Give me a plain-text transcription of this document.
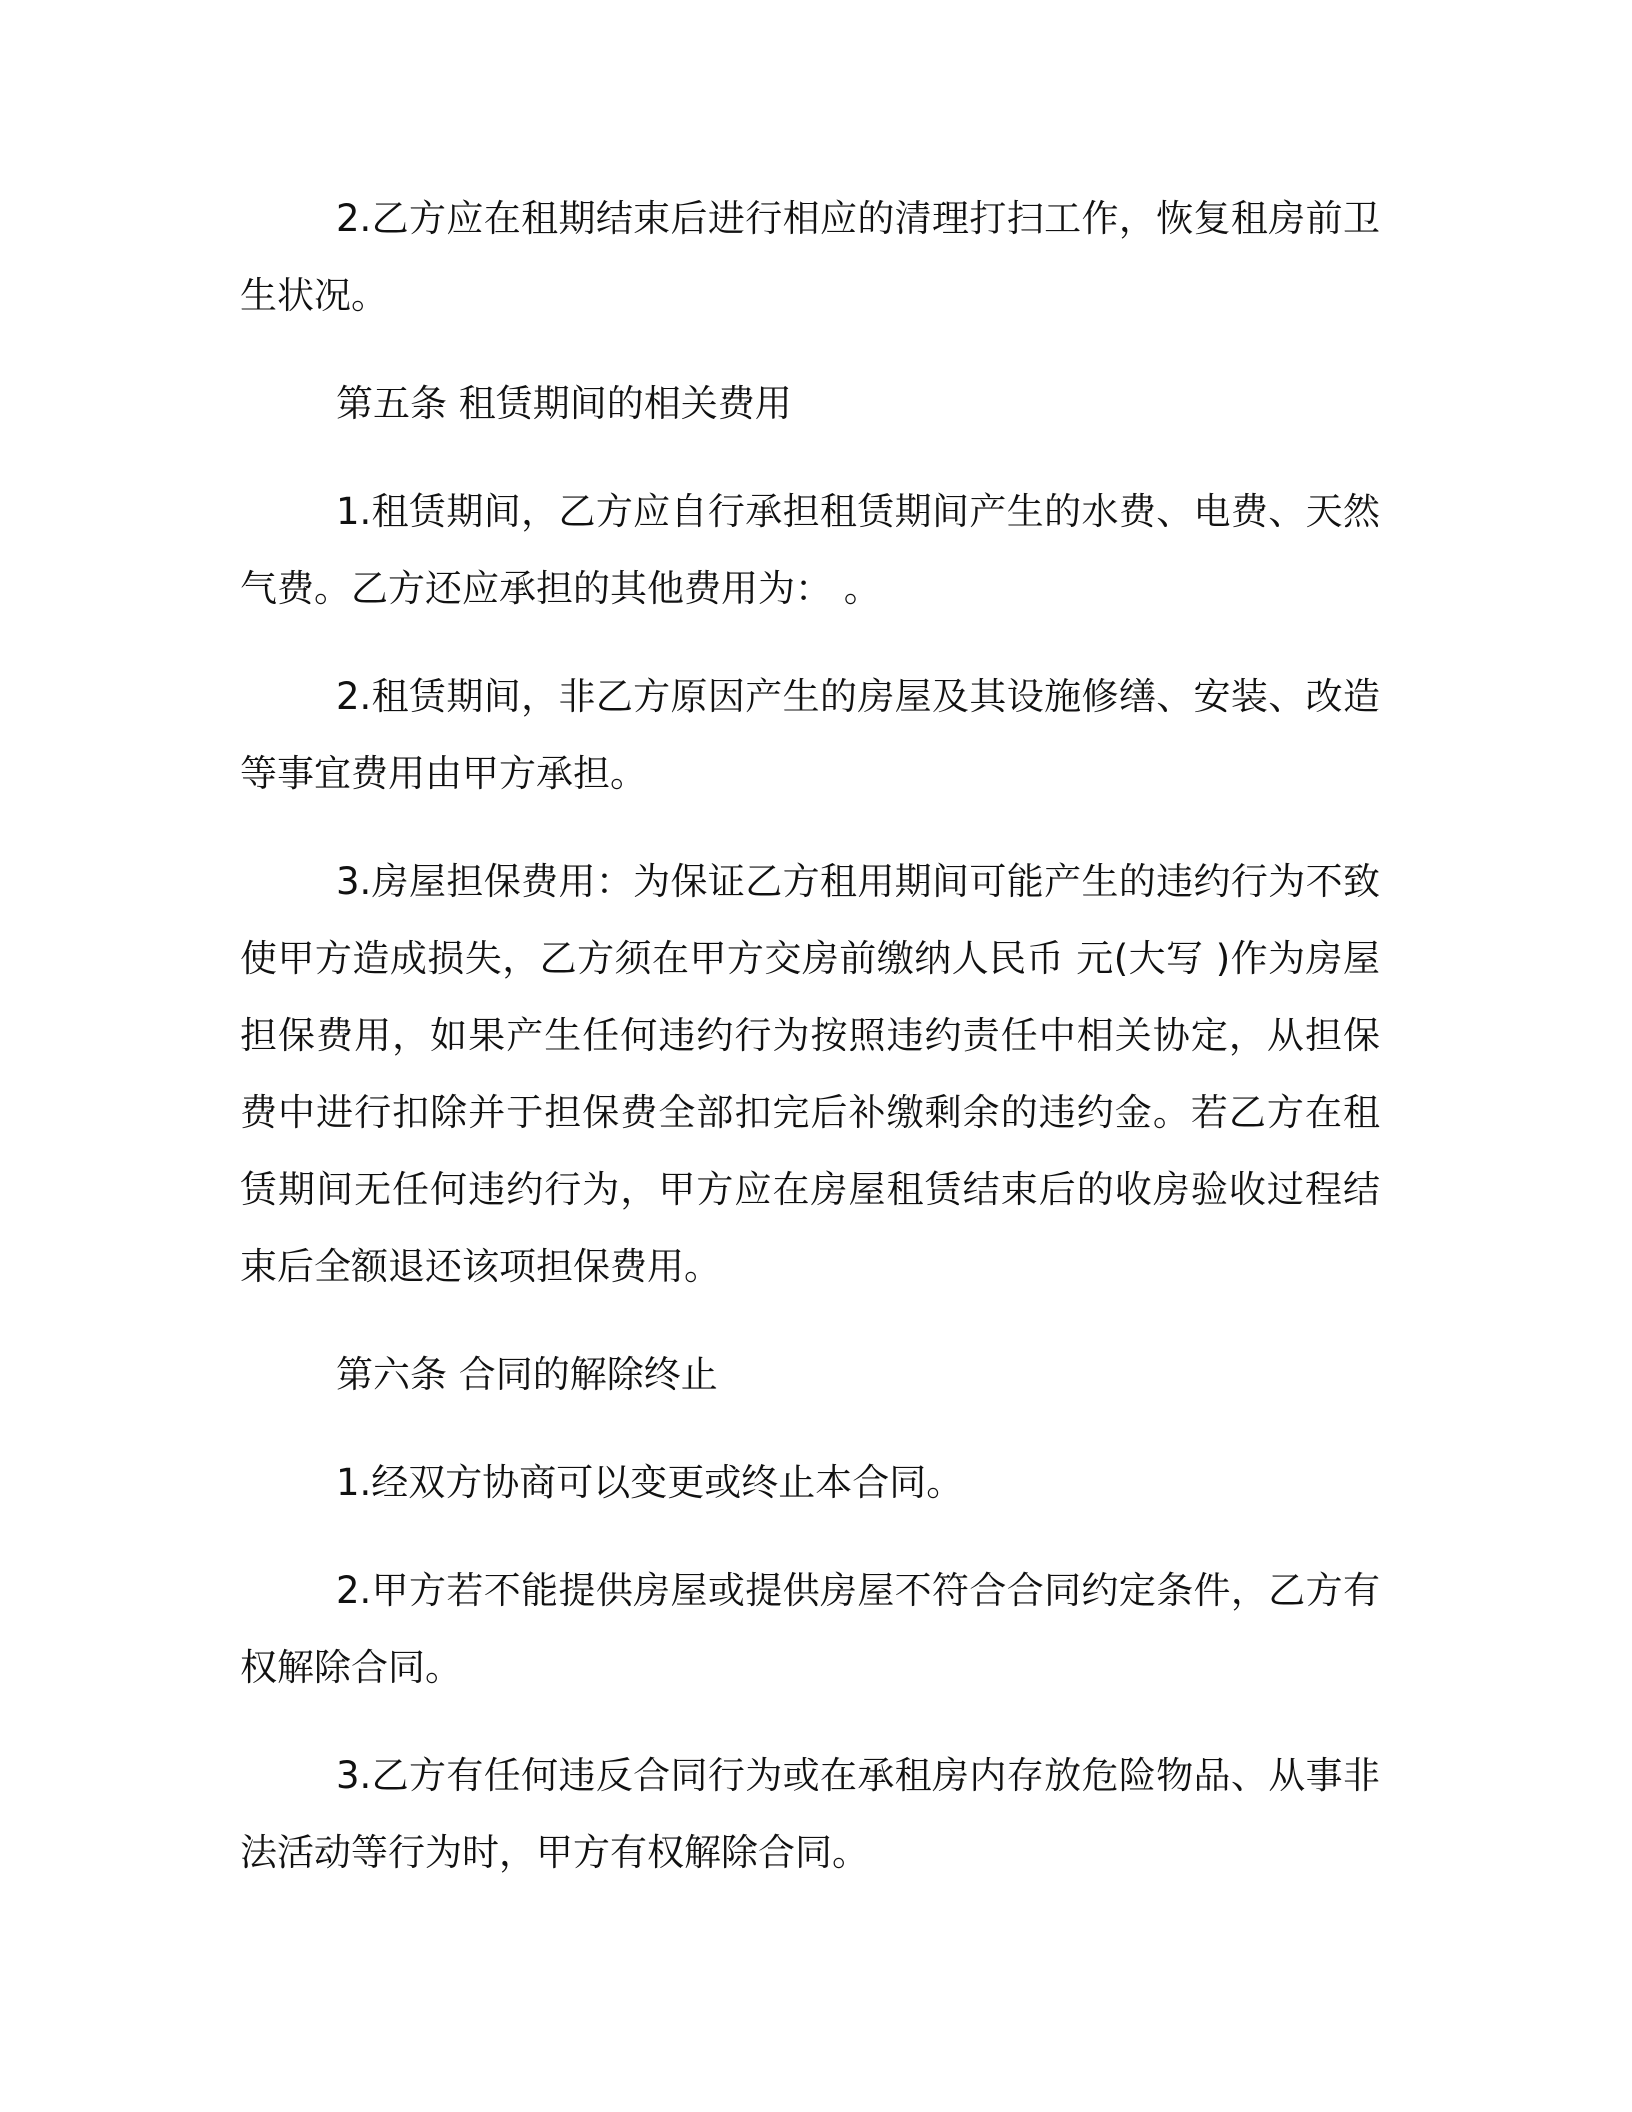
2.乙方应在租期结束后进行相应的清理打扫工作，恢复租房前卫生状况。

第五条 租赁期间的相关费用

1.租赁期间，乙方应自行承担租赁期间产生的水费、电费、天然气费。乙方还应承担的其他费用为： 。

2.租赁期间，非乙方原因产生的房屋及其设施修缮、安装、改造等事宜费用由甲方承担。

3.房屋担保费用：为保证乙方租用期间可能产生的违约行为不致使甲方造成损失，乙方须在甲方交房前缴纳人民币 元(大写 )作为房屋担保费用，如果产生任何违约行为按照违约责任中相关协定，从担保费中进行扣除并于担保费全部扣完后补缴剩余的违约金。若乙方在租赁期间无任何违约行为，甲方应在房屋租赁结束后的收房验收过程结束后全额退还该项担保费用。

第六条 合同的解除终止

1.经双方协商可以变更或终止本合同。

2.甲方若不能提供房屋或提供房屋不符合合同约定条件，乙方有权解除合同。

3.乙方有任何违反合同行为或在承租房内存放危险物品、从事非法活动等行为时，甲方有权解除合同。
